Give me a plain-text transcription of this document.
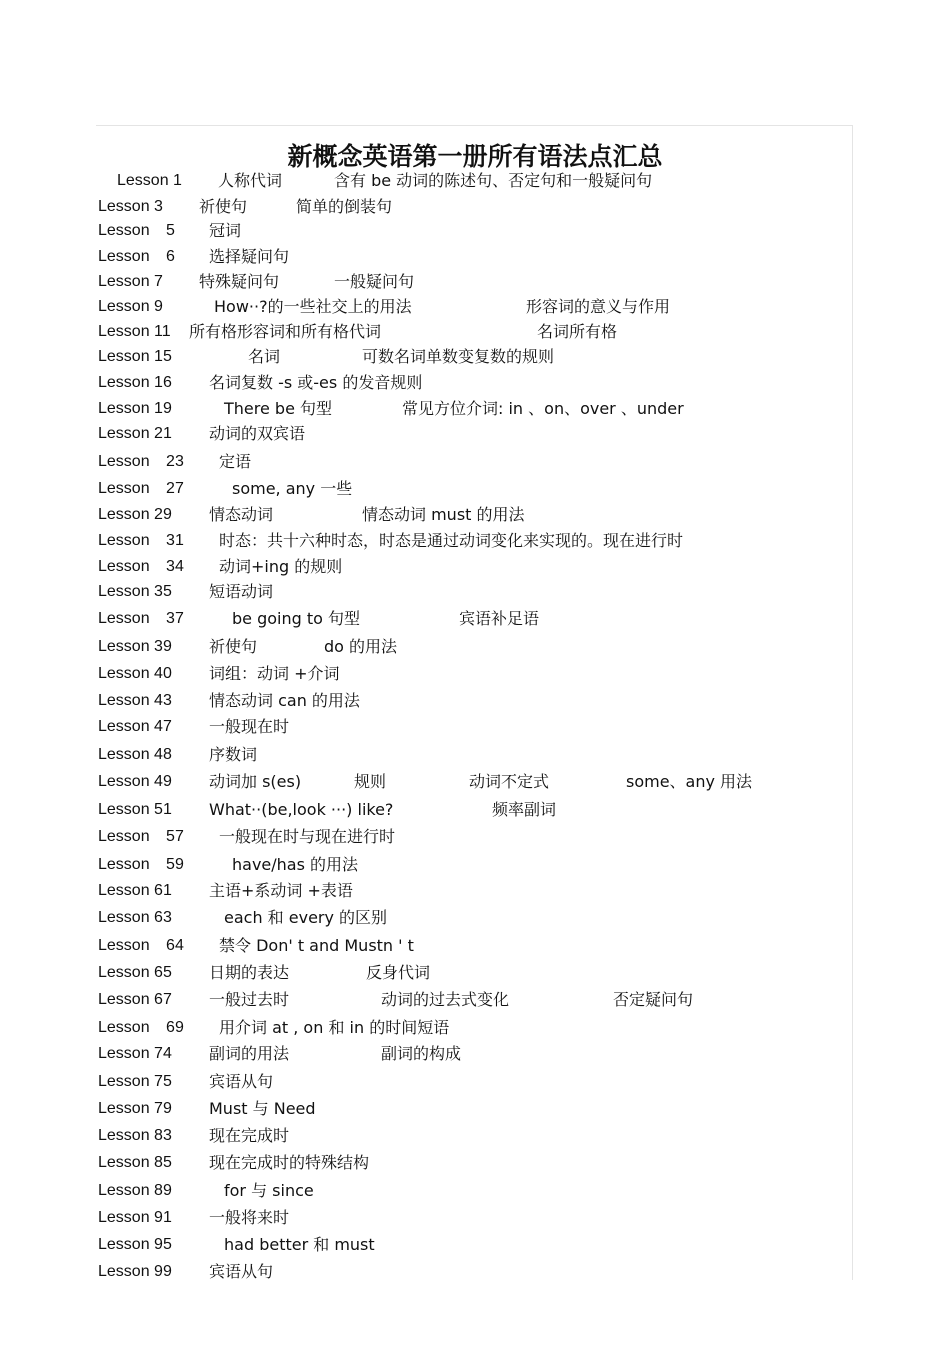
新概念英语第一册所有语法点汇总
Lesson 1 人称代词	含有 be 动词的陈述句、否定句和一般疑问句
Lesson 3 祈使句	简单的倒装句
Lesson 5 冠词
Lesson 6 选择疑问句
Lesson 7 特殊疑问句	一般疑问句
Lesson 9	How··?的一些社交上的用法	形容词的意义与作用
Lesson 11 所有格形容词和所有格代词	名词所有格
Lesson 15	名词	可数名词单数变复数的规则
Lesson 16 名词复数 -s 或-es 的发音规则
Lesson 19	There be 句型	常见方位介词: in 、on、over 、under
Lesson 21 动词的双宾语
Lesson 23 定语
Lesson 27	some, any 一些
Lesson 29 情态动词	情态动词 must 的用法
Lesson 31 时态：共十六种时态，时态是通过动词变化来实现的。现在进行时
Lesson 34 动词+ing 的规则
Lesson 35 短语动词
Lesson 37	be going to 句型	宾语补足语
Lesson 39 祈使句	do 的用法
Lesson 40 词组：动词 +介词
Lesson 43 情态动词 can 的用法
Lesson 47 一般现在时
Lesson 48 序数词
Lesson 49 动词加 s(es)	规则	动词不定式	some、any 用法
Lesson 51 What··(be,look ···) like?	频率副词
Lesson 57 一般现在时与现在进行时
Lesson 59	have/has 的用法
Lesson 61 主语+系动词 +表语
Lesson 63	each 和 every 的区别
Lesson 64 禁令 Don' t and Mustn ' t
Lesson 65 日期的表达	反身代词
Lesson 67 一般过去时	动词的过去式变化	否定疑问句
Lesson 69 用介词 at , on 和 in 的时间短语
Lesson 74 副词的用法	副词的构成
Lesson 75 宾语从句
Lesson 79 Must 与 Need
Lesson 83 现在完成时
Lesson 85 现在完成时的特殊结构
Lesson 89	for 与 since
Lesson 91 一般将来时
Lesson 95	had better 和 must
Lesson 99 宾语从句
